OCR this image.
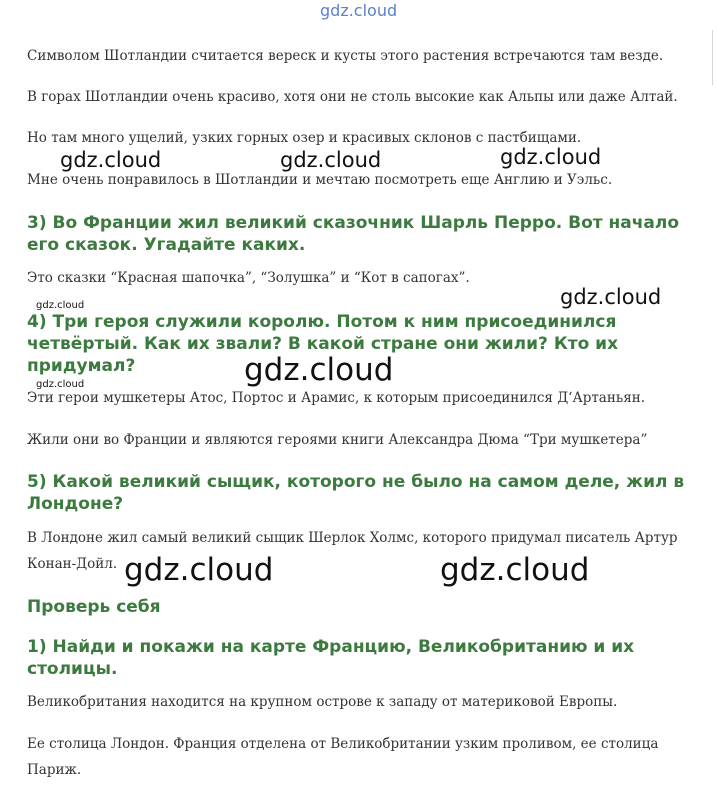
Символом Шотландии считается вереск и кусты этого растения встречаются там везде.

В горах Шотландии очень красиво, хотя они не столь высокие как Альпы или даже Алтай.

Но там много ущелий, узких горных озер и красивых склонов с пастбищами.

Мне очень понравилось в Шотландии и мечтаю посмотреть еще Англию и Уэльс.

3) Во Франции жил великий сказочник Шарль Перро. Вот начало его сказок. Угадайте каких.

Это сказки “Красная шапочка”, “Золушка” и “Кот в сапогах”.

4) Три героя служили королю. Потом к ним присоединился четвёртый. Как их звали? В какой стране они жили? Кто их придумал?

Эти герои мушкетеры Атос, Портос и Арамис, к которым присоединился Д‘Артаньян.

Жили они во Франции и являются героями книги Александра Дюма “Три мушкетера”

5) Какой великий сыщик, которого не было на самом деле, жил в Лондоне?

В Лондоне жил самый великий сыщик Шерлок Холмс, которого придумал писатель Артур Конан-Дойл.

Проверь себя
1) Найди и покажи на карте Францию, Великобританию и их столицы.

Великобритания находится на крупном острове к западу от материковой Европы.

Ее столица Лондон. Франция отделена от Великобритании узким проливом, ее столица Париж.

gdz.cloud
gdz.cloud	gdz.cloud	gdz.cloud
gdz.cloud
gdz.cloud
gdz.cloud	gdz.cloud
gdz.cloud	gdz.cloud
